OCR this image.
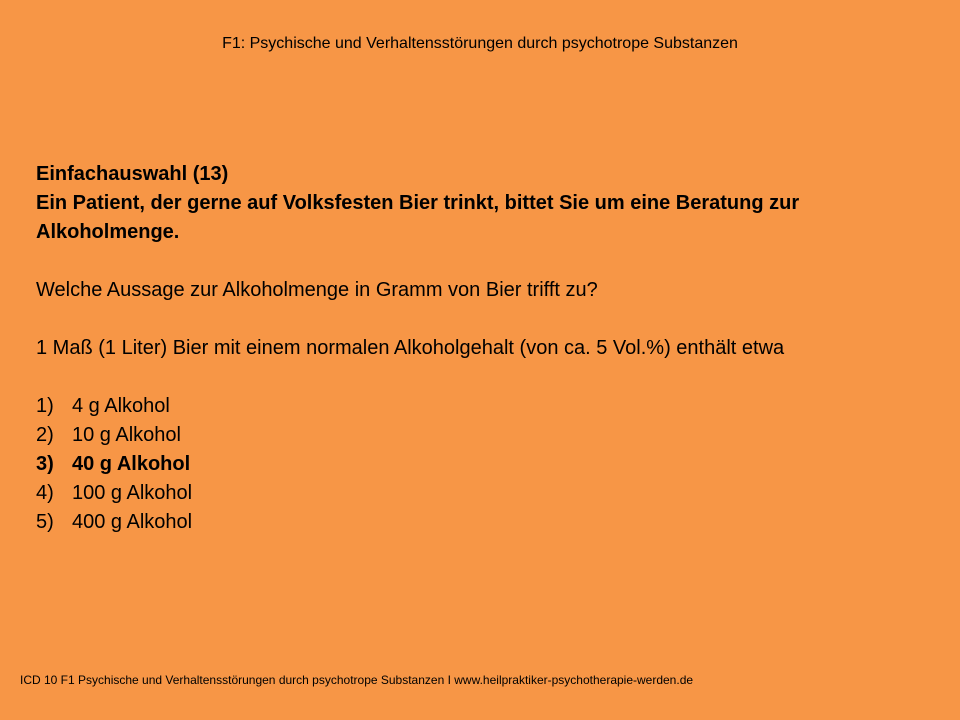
F1: Psychische und Verhaltensstörungen durch psychotrope Substanzen

Einfachauswahl (13)

Ein Patient, der gerne auf Volksfesten Bier trinkt, bittet Sie um eine Beratung zur Alkoholmenge.

Welche Aussage zur Alkoholmenge in Gramm von Bier trifft zu?

1 Maß (1 Liter) Bier mit einem normalen Alkoholgehalt (von ca. 5 Vol.%) enthält etwa

1) 4 g Alkohol
2) 10 g Alkohol
3) 40 g Alkohol
4) 100 g Alkohol
5) 400 g Alkohol
ICD 10 F1 Psychische und Verhaltensstörungen durch psychotrope Substanzen I www.heilpraktiker-psychotherapie-werden.de
